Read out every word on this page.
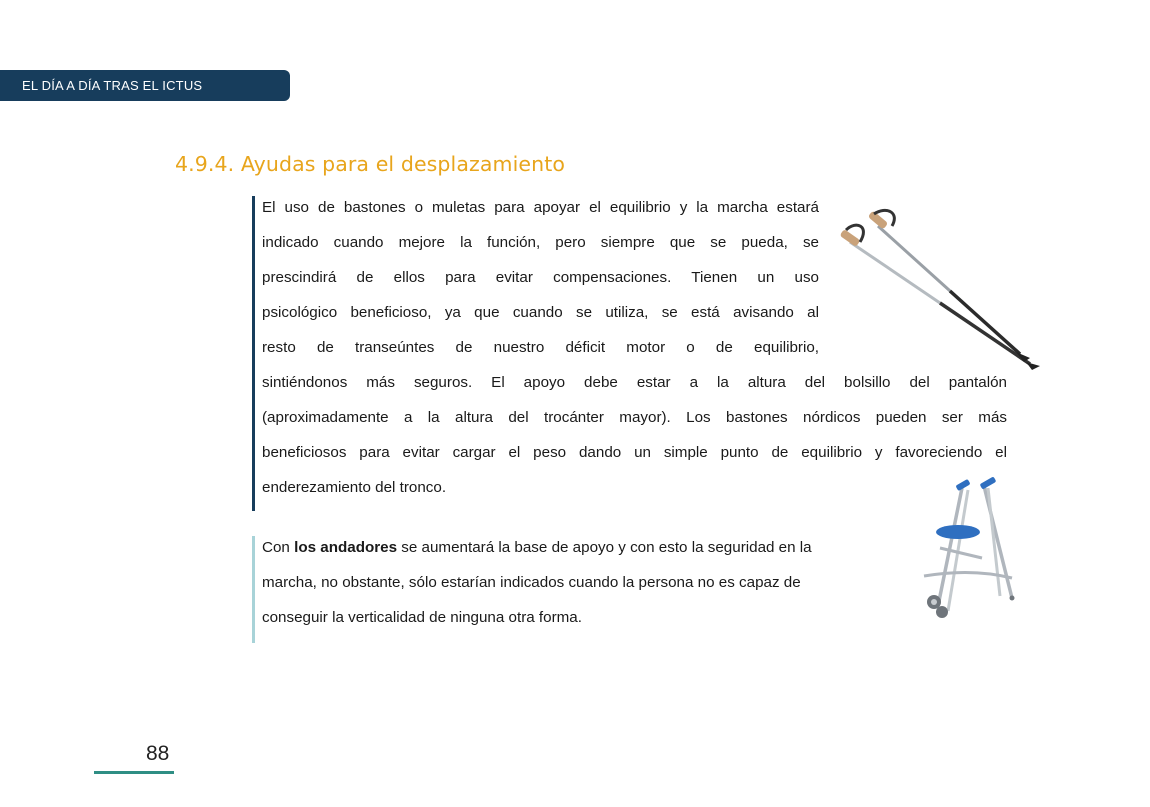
EL DÍA A DÍA TRAS EL ICTUS
4.9.4. Ayudas para el desplazamiento

El uso de bastones o muletas para apoyar el equilibrio y la marcha estará
indicado cuando mejore la función, pero siempre que se pueda, se
prescindirá de ellos para evitar compensaciones. Tienen un uso
psicológico beneficioso, ya que cuando se utiliza, se está avisando al
resto de transeúntes de nuestro déficit motor o de equilibrio,

sintiéndonos más seguros. El apoyo debe estar a la altura del bolsillo del pantalón
(aproximadamente a la altura del trocánter mayor). Los bastones nórdicos pueden ser más
beneficiosos para evitar cargar el peso dando un simple punto de equilibrio y favoreciendo el
enderezamiento del tronco.

Con los andadores se aumentará la base de apoyo y con esto la seguridad en la
marcha, no obstante, sólo estarían indicados cuando la persona no es capaz de
conseguir la verticalidad de ninguna otra forma.

88
